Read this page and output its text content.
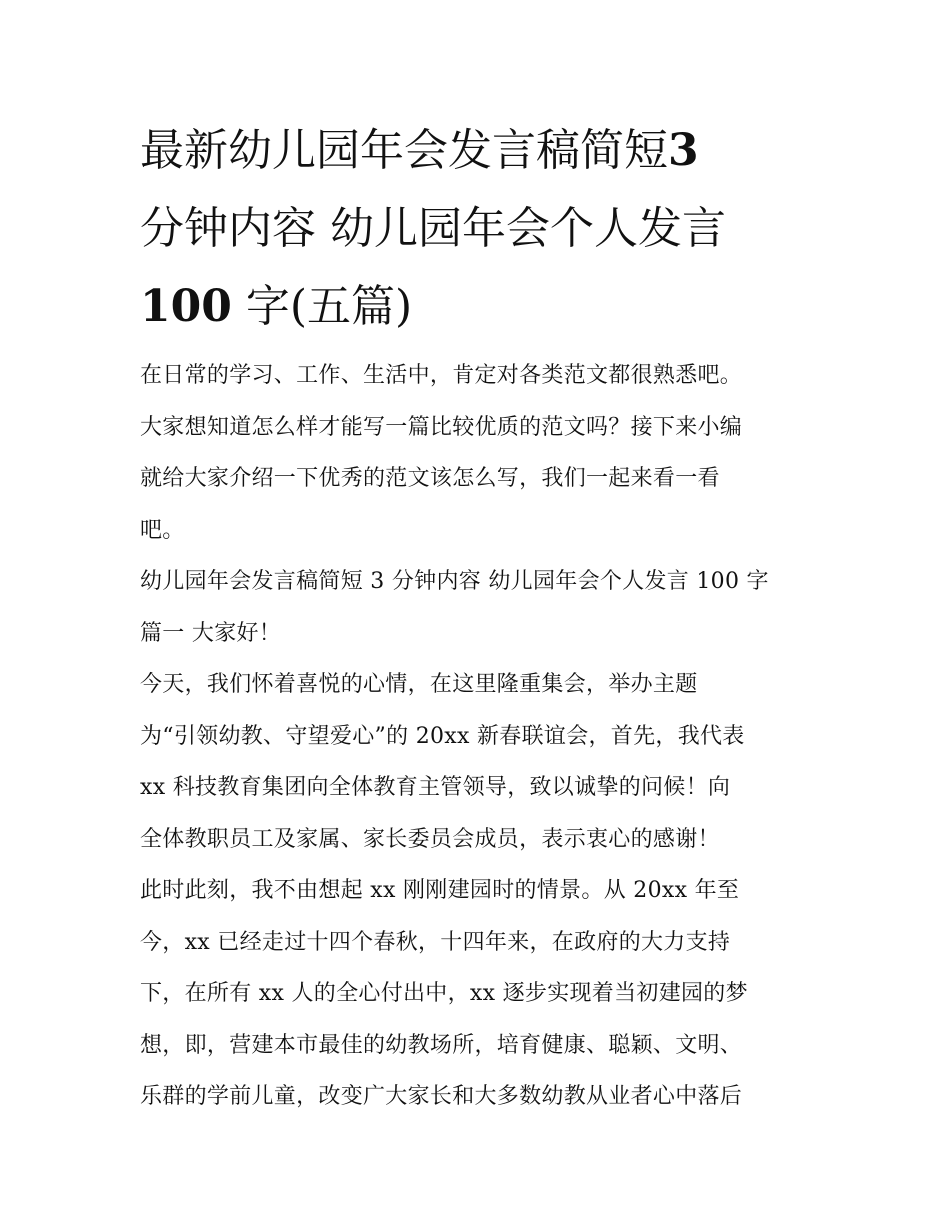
最新幼儿园年会发言稿简短3
分钟内容 幼儿园年会个人发言
100 字(五篇)

在日常的学习、工作、生活中，肯定对各类范文都很熟悉吧。

大家想知道怎么样才能写一篇比较优质的范文吗？接下来小编

就给大家介绍一下优秀的范文该怎么写，我们一起来看一看

吧。

幼儿园年会发言稿简短 3 分钟内容 幼儿园年会个人发言 100 字

篇一 大家好！

今天，我们怀着喜悦的心情，在这里隆重集会，举办主题

为“引领幼教、守望爱心”的 20xx 新春联谊会，首先，我代表

xx 科技教育集团向全体教育主管领导，致以诚挚的问候！向

全体教职员工及家属、家长委员会成员，表示衷心的感谢！

此时此刻，我不由想起 xx 刚刚建园时的情景。从 20xx 年至

今，xx 已经走过十四个春秋，十四年来，在政府的大力支持

下，在所有 xx 人的全心付出中，xx 逐步实现着当初建园的梦

想，即，营建本市最佳的幼教场所，培育健康、聪颖、文明、

乐群的学前儿童，改变广大家长和大多数幼教从业者心中落后
